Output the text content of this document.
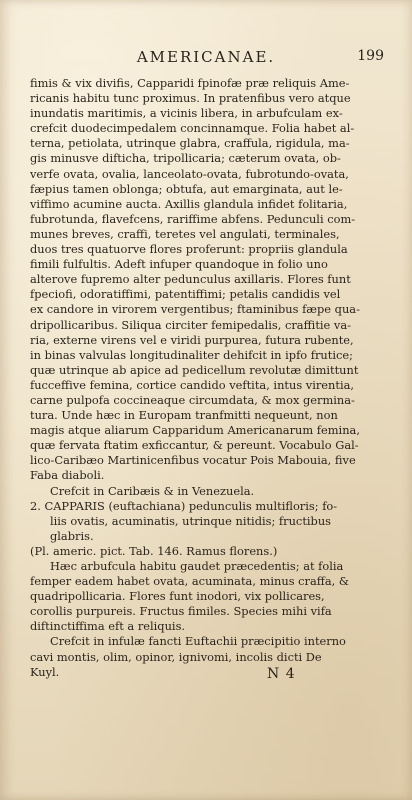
AMERICANAE.	199
fimis & vix divifis, Capparidi fpinofæ præ reliquis Ame-
ricanis habitu tunc proximus. In pratenfibus vero atque
inundatis maritimis, a vicinis libera, in arbufculam ex-
crefcit duodecimpedalem concinnamque. Folia habet al-
terna, petiolata, utrinque glabra, craffula, rigidula, ma-
gis minusve difticha, tripollicaria; cæterum ovata, ob-
verfe ovata, ovalia, lanceolato-ovata, fubrotundo-ovata,
fæpius tamen oblonga; obtufa, aut emarginata, aut le-
viffimo acumine aucta. Axillis glandula infidet folitaria,
fubrotunda, flavefcens, rariffime abfens. Pedunculi com-
munes breves, craffi, teretes vel angulati, terminales,
duos tres quatuorve flores proferunt: propriis glandula
fimili fulfultis. Adeft infuper quandoque in folio uno
alterove fupremo alter pedunculus axillaris. Flores funt
fpeciofi, odoratiffimi, patentiffimi; petalis candidis vel
ex candore in virorem vergentibus; ftaminibus fæpe qua-
dripollicaribus. Siliqua circiter femipedalis, craffitie va-
ria, externe virens vel e viridi purpurea, futura rubente,
in binas valvulas longitudinaliter dehifcit in ipfo frutice;
quæ utrinque ab apice ad pedicellum revolutæ dimittunt
fucceffive femina, cortice candido veftita, intus virentia,
carne pulpofa coccineaque circumdata, & mox germina-
tura. Unde hæc in Europam tranfmitti nequeunt, non
magis atque aliarum Capparidum Americanarum femina,
quæ fervata ftatim exficcantur, & pereunt. Vocabulo Gal-
lico-Caribæo Martinicenfibus vocatur Pois Mabouia, five
Faba diaboli.
Crefcit in Caribæis & in Venezuela.
2. CAPPARIS (euftachiana) pedunculis multifloris; fo-
liis ovatis, acuminatis, utrinque nitidis; fructibus
glabris.
(Pl. americ. pict. Tab. 146. Ramus florens.)
Hæc arbufcula habitu gaudet præcedentis; at folia
femper eadem habet ovata, acuminata, minus craffa, &
quadripollicaria. Flores funt inodori, vix pollicares,
corollis purpureis. Fructus fimiles. Species mihi vifa
diftinctiffima eft a reliquis.
Crefcit in infulæ fancti Euftachii præcipitio interno
cavi montis, olim, opinor, ignivomi, incolis dicti De
Kuyl.	N 4
